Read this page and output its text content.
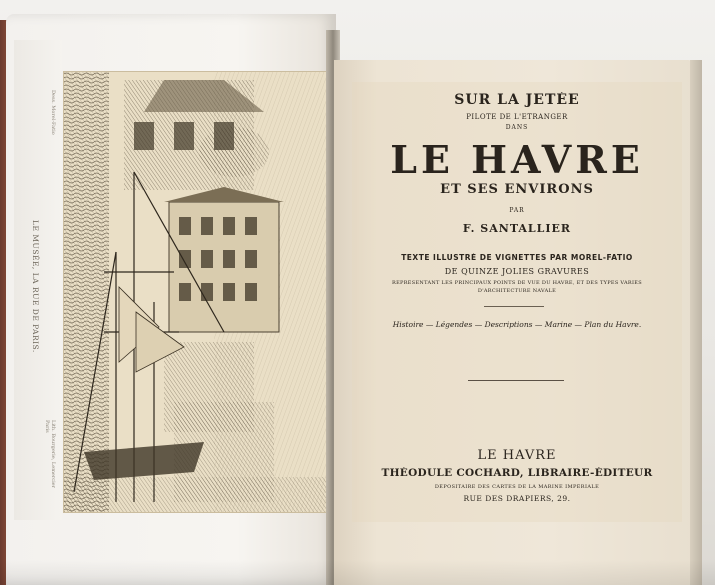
Dess. Morel-Fatio
LE MUSÉE, LA RUE DE PARIS.
Lith. Bourgerie, Lemercier Paris
SUR LA JETÉE
PILOTE DE L'ÉTRANGER
DANS
LE HAVRE
ET SES ENVIRONS
PAR
F. SANTALLIER
TEXTE ILLUSTRÉ DE VIGNETTES PAR MOREL-FATIO
DE QUINZE JOLIES GRAVURES
REPRÉSENTANT LES PRINCIPAUX POINTS DE VUE DU HAVRE, ET DES TYPES VARIÉS
D'ARCHITECTURE NAVALE
Histoire — Légendes — Descriptions — Marine — Plan du Havre.
LE HAVRE
THÉODULE COCHARD, LIBRAIRE-ÉDITEUR
DÉPOSITAIRE DES CARTES DE LA MARINE IMPÉRIALE
RUE DES DRAPIERS, 29.
